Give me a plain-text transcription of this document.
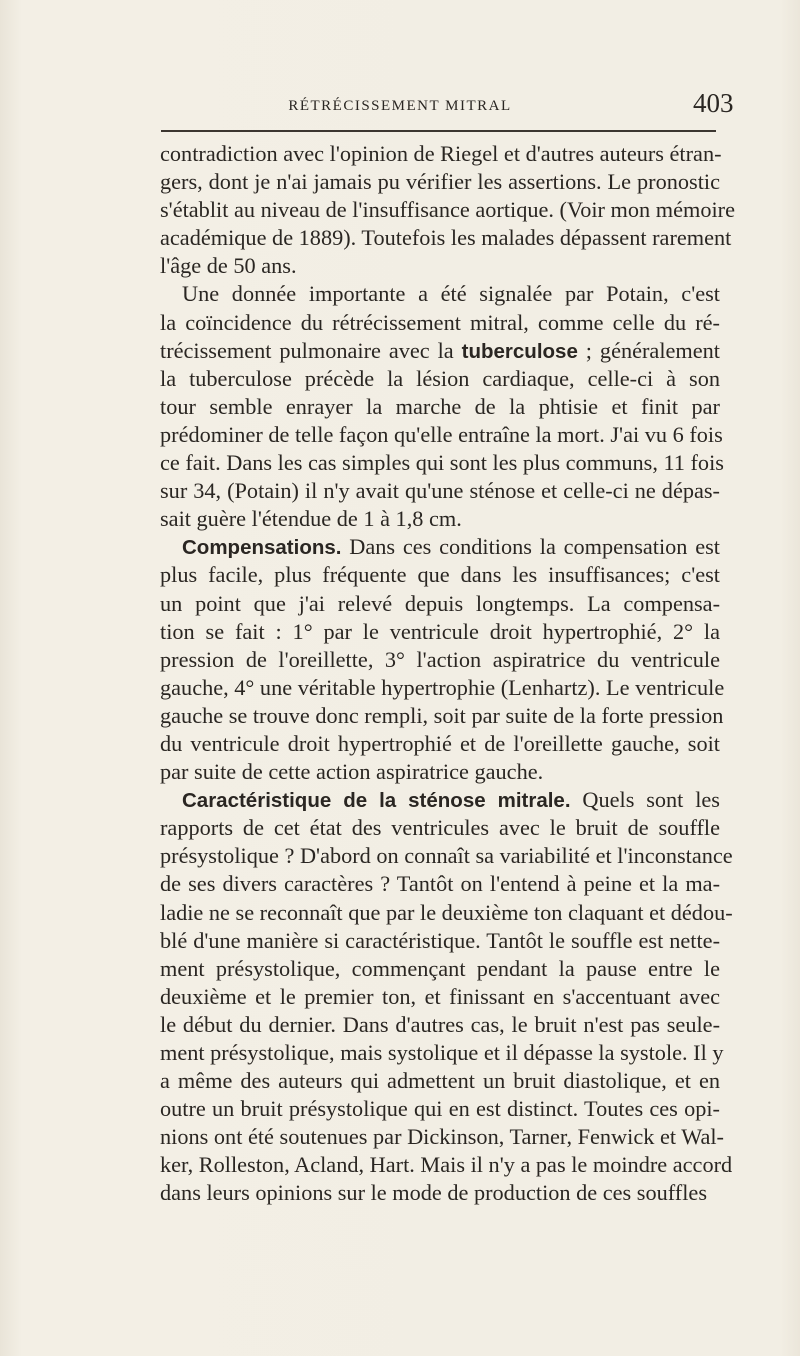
RÉTRÉCISSEMENT MITRAL	403
contradiction avec l'opinion de Riegel et d'autres auteurs étran-
gers, dont je n'ai jamais pu vérifier les assertions. Le pronostic
s'établit au niveau de l'insuffisance aortique. (Voir mon mémoire
académique de 1889). Toutefois les malades dépassent rarement
l'âge de 50 ans.
Une donnée importante a été signalée par Potain, c'est
la coïncidence du rétrécissement mitral, comme celle du ré-
trécissement pulmonaire avec la tuberculose ; généralement
la tuberculose précède la lésion cardiaque, celle-ci à son
tour semble enrayer la marche de la phtisie et finit par
prédominer de telle façon qu'elle entraîne la mort. J'ai vu 6 fois
ce fait. Dans les cas simples qui sont les plus communs, 11 fois
sur 34, (Potain) il n'y avait qu'une sténose et celle-ci ne dépas-
sait guère l'étendue de 1 à 1,8 cm.
Compensations. Dans ces conditions la compensation est
plus facile, plus fréquente que dans les insuffisances; c'est
un point que j'ai relevé depuis longtemps. La compensa-
tion se fait : 1° par le ventricule droit hypertrophié, 2° la
pression de l'oreillette, 3° l'action aspiratrice du ventricule
gauche, 4° une véritable hypertrophie (Lenhartz). Le ventricule
gauche se trouve donc rempli, soit par suite de la forte pression
du ventricule droit hypertrophié et de l'oreillette gauche, soit
par suite de cette action aspiratrice gauche.
Caractéristique de la sténose mitrale. Quels sont les
rapports de cet état des ventricules avec le bruit de souffle
présystolique ? D'abord on connaît sa variabilité et l'inconstance
de ses divers caractères ? Tantôt on l'entend à peine et la ma-
ladie ne se reconnaît que par le deuxième ton claquant et dédou-
blé d'une manière si caractéristique. Tantôt le souffle est nette-
ment présystolique, commençant pendant la pause entre le
deuxième et le premier ton, et finissant en s'accentuant avec
le début du dernier. Dans d'autres cas, le bruit n'est pas seule-
ment présystolique, mais systolique et il dépasse la systole. Il y
a même des auteurs qui admettent un bruit diastolique, et en
outre un bruit présystolique qui en est distinct. Toutes ces opi-
nions ont été soutenues par Dickinson, Tarner, Fenwick et Wal-
ker, Rolleston, Acland, Hart. Mais il n'y a pas le moindre accord
dans leurs opinions sur le mode de production de ces souffles
